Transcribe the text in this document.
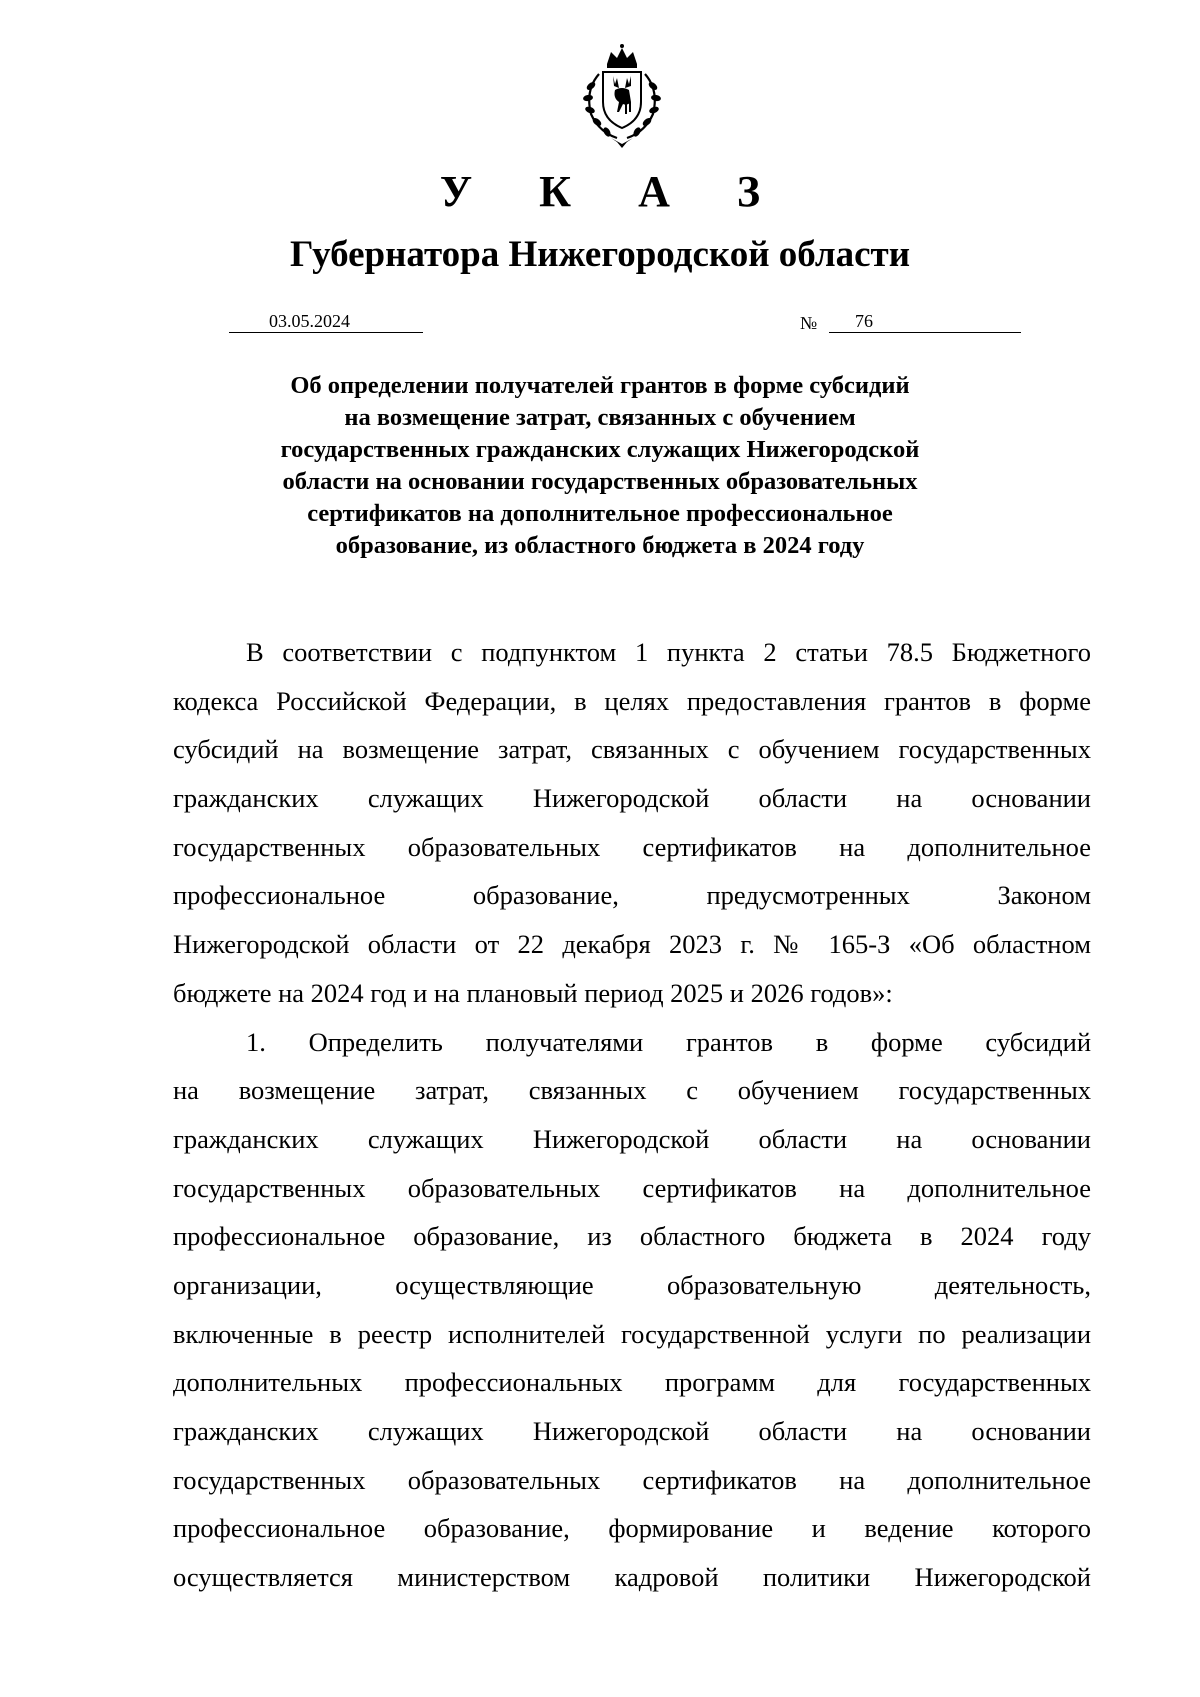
У К А З
Губернатора Нижегородской области
03.05.2024	№ 76
Об определении получателей грантов в форме субсидий
на возмещение затрат, связанных с обучением
государственных гражданских служащих Нижегородской
области на основании государственных образовательных
сертификатов на дополнительное профессиональное
образование, из областного бюджета в 2024 году
В соответствии с подпунктом 1 пункта 2 статьи 78.5 Бюджетного
кодекса Российской Федерации, в целях предоставления грантов в форме
субсидий на возмещение затрат, связанных с обучением государственных
гражданских служащих Нижегородской области на основании
государственных образовательных сертификатов на дополнительное
профессиональное образование, предусмотренных Законом
Нижегородской области от 22 декабря 2023 г. № 165-З «Об областном
бюджете на 2024 год и на плановый период 2025 и 2026 годов»:
1. Определить получателями грантов в форме субсидий
на возмещение затрат, связанных с обучением государственных
гражданских служащих Нижегородской области на основании
государственных образовательных сертификатов на дополнительное
профессиональное образование, из областного бюджета в 2024 году
организации, осуществляющие образовательную деятельность,
включенные в реестр исполнителей государственной услуги по реализации
дополнительных профессиональных программ для государственных
гражданских служащих Нижегородской области на основании
государственных образовательных сертификатов на дополнительное
профессиональное образование, формирование и ведение которого
осуществляется министерством кадровой политики Нижегородской
